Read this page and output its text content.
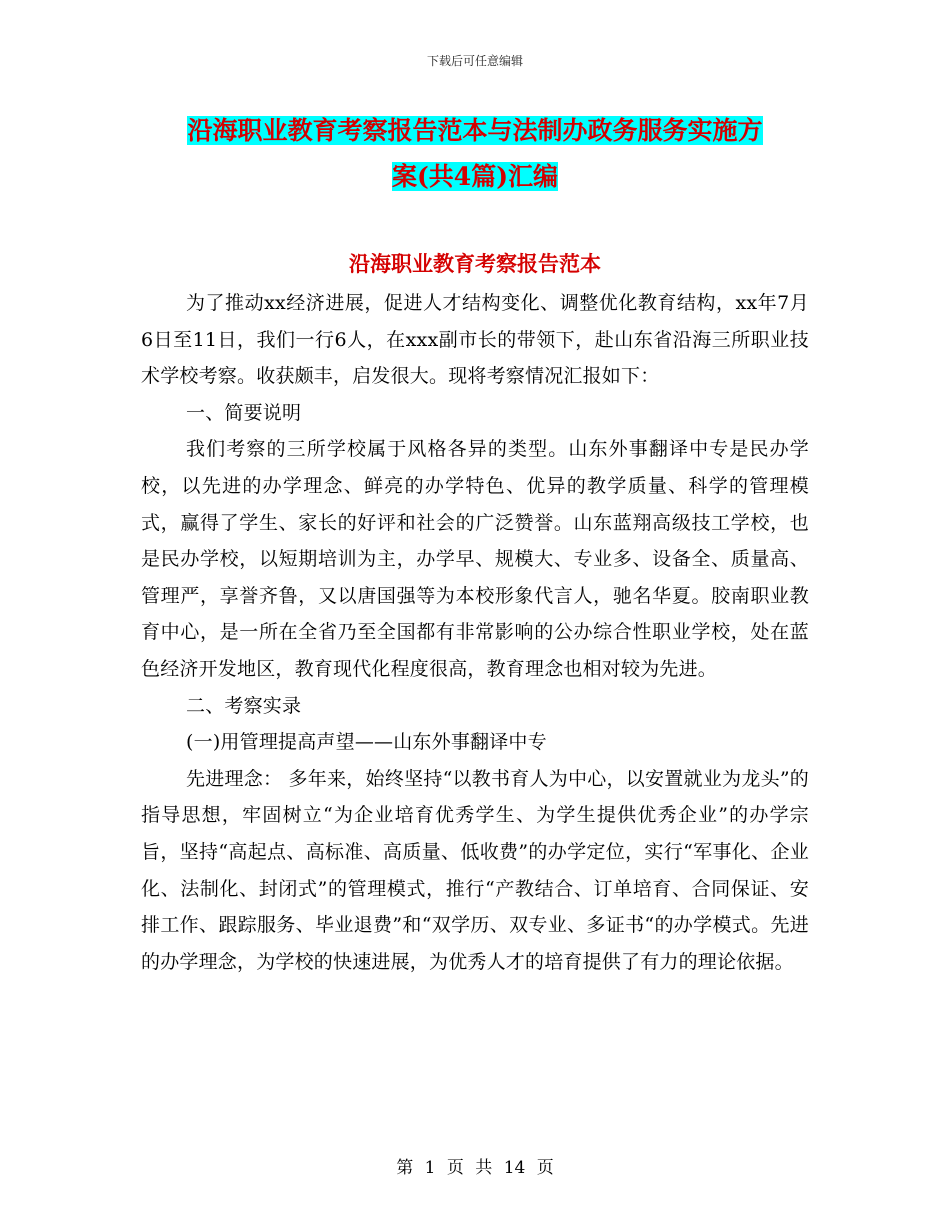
下载后可任意编辑
沿海职业教育考察报告范本与法制办政务服务实施方
案(共4篇)汇编
沿海职业教育考察报告范本

为了推动xx经济进展，促进人才结构变化、调整优化教育结构，xx年7月6日至11日，我们一行6人，在xxx副市长的带领下，赴山东省沿海三所职业技术学校考察。收获颇丰，启发很大。现将考察情况汇报如下：

一、简要说明

我们考察的三所学校属于风格各异的类型。山东外事翻译中专是民办学校，以先进的办学理念、鲜亮的办学特色、优异的教学质量、科学的管理模式，赢得了学生、家长的好评和社会的广泛赞誉。山东蓝翔高级技工学校，也是民办学校，以短期培训为主，办学早、规模大、专业多、设备全、质量高、管理严，享誉齐鲁，又以唐国强等为本校形象代言人，驰名华夏。胶南职业教育中心，是一所在全省乃至全国都有非常影响的公办综合性职业学校，处在蓝色经济开发地区，教育现代化程度很高，教育理念也相对较为先进。

二、考察实录

(一)用管理提高声望——山东外事翻译中专

先进理念： 多年来，始终坚持“以教书育人为中心，以安置就业为龙头”的指导思想，牢固树立“为企业培育优秀学生、为学生提供优秀企业”的办学宗旨，坚持“高起点、高标准、高质量、低收费”的办学定位，实行“军事化、企业化、法制化、封闭式”的管理模式，推行“产教结合、订单培育、合同保证、安排工作、跟踪服务、毕业退费”和“双学历、双专业、多证书“的办学模式。先进的办学理念，为学校的快速进展，为优秀人才的培育提供了有力的理论依据。

第 1 页 共 14 页
